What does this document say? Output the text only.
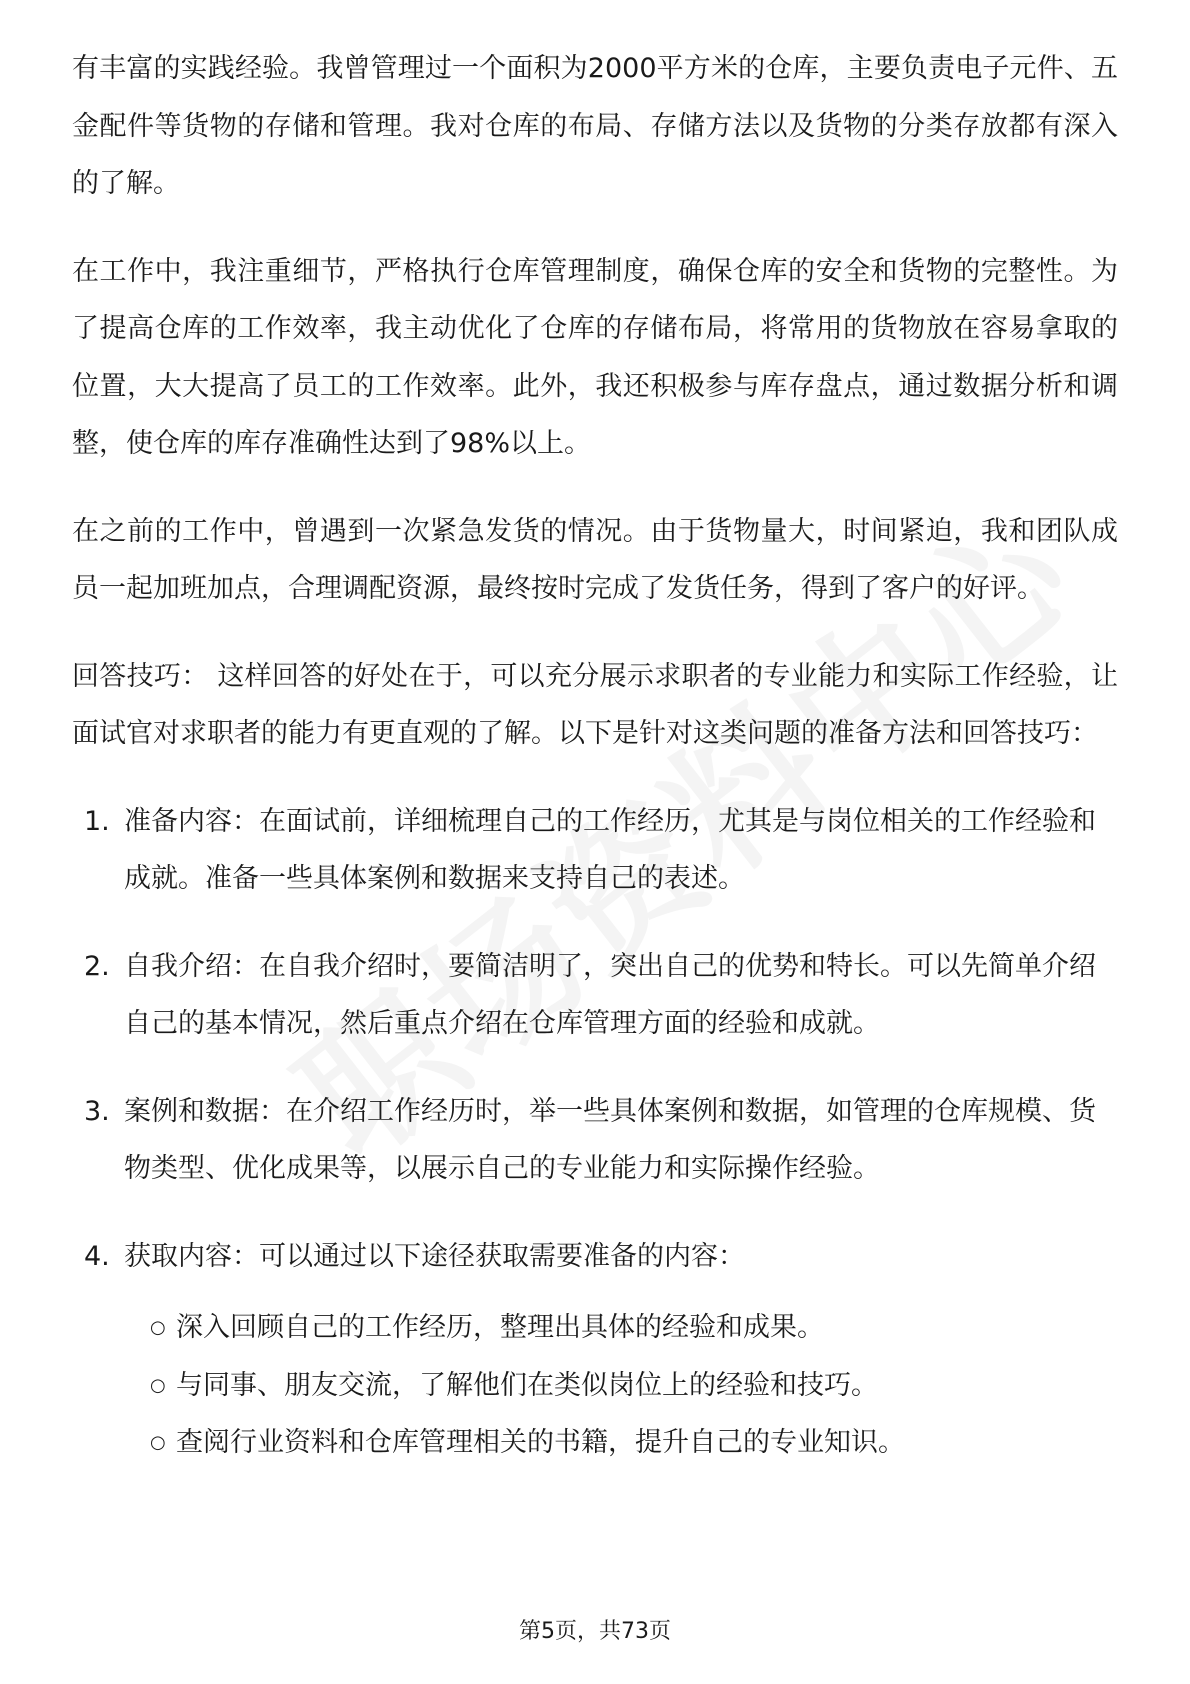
有丰富的实践经验。我曾管理过一个面积为2000平方米的仓库，主要负责电子元件、五金配件等货物的存储和管理。我对仓库的布局、存储方法以及货物的分类存放都有深入的了解。

在工作中，我注重细节，严格执行仓库管理制度，确保仓库的安全和货物的完整性。为了提高仓库的工作效率，我主动优化了仓库的存储布局，将常用的货物放在容易拿取的位置，大大提高了员工的工作效率。此外，我还积极参与库存盘点，通过数据分析和调整，使仓库的库存准确性达到了98%以上。

在之前的工作中，曾遇到一次紧急发货的情况。由于货物量大，时间紧迫，我和团队成员一起加班加点，合理调配资源，最终按时完成了发货任务，得到了客户的好评。

回答技巧： 这样回答的好处在于，可以充分展示求职者的专业能力和实际工作经验，让面试官对求职者的能力有更直观的了解。以下是针对这类问题的准备方法和回答技巧：

1. 准备内容：在面试前，详细梳理自己的工作经历，尤其是与岗位相关的工作经验和成就。准备一些具体案例和数据来支持自己的表述。
2. 自我介绍：在自我介绍时，要简洁明了，突出自己的优势和特长。可以先简单介绍自己的基本情况，然后重点介绍在仓库管理方面的经验和成就。
3. 案例和数据：在介绍工作经历时，举一些具体案例和数据，如管理的仓库规模、货物类型、优化成果等，以展示自己的专业能力和实际操作经验。
4. 获取内容：可以通过以下途径获取需要准备的内容：
○ 深入回顾自己的工作经历，整理出具体的经验和成果。
○ 与同事、朋友交流，了解他们在类似岗位上的经验和技巧。
○ 查阅行业资料和仓库管理相关的书籍，提升自己的专业知识。
第5页，共73页
